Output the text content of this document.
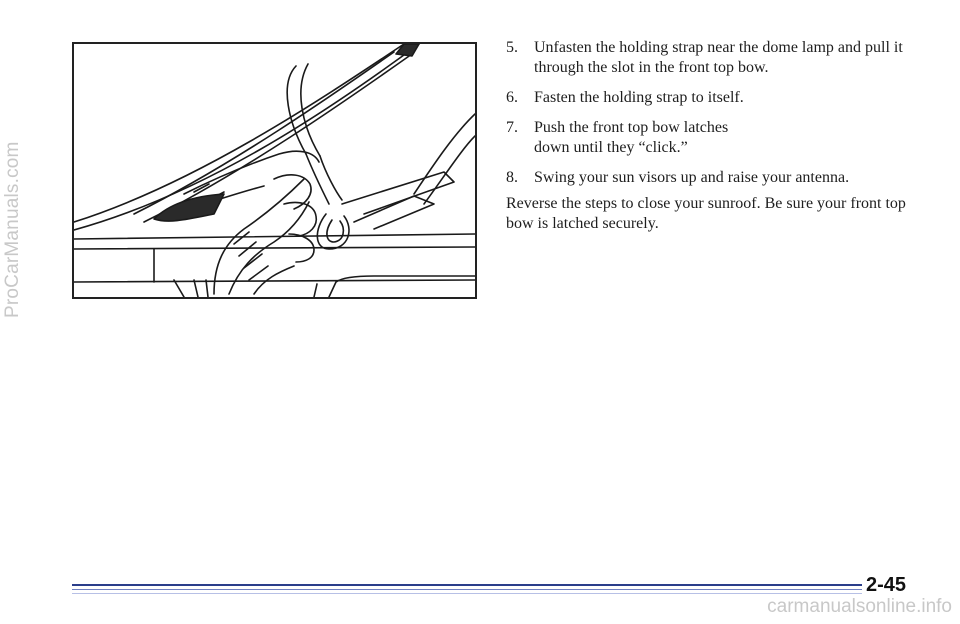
ProCarManuals.com
5. Unfasten the holding strap near the dome lamp and pull it through the slot in the front top bow.
6. Fasten the holding strap to itself.
7. Push the front top bow latches down until they “click.”
8. Swing your sun visors up and raise your antenna.

Reverse the steps to close your sunroof. Be sure your front top bow is latched securely.

2-45
carmanualsonline.info
